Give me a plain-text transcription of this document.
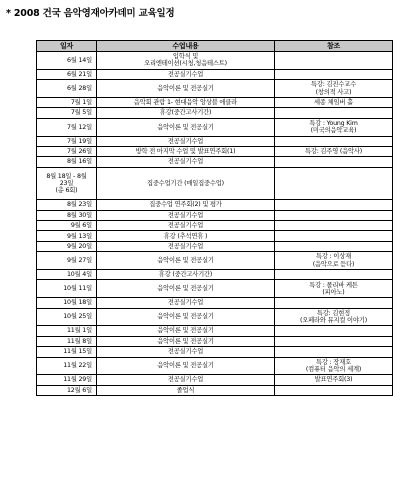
* 2008 건국 음악영재아카데미 교육일정
일자	수업내용	참조

6월 14일	입학식 및
오리엔테이션(시청,청음테스트)	

6월 21일	전공실기수업	

6월 28일	음악이론 및 전공실기	특강: 김진수교수
(창의적 사고)

7월 1일	음악회 관람 1- 현대음악 앙상블 에클라	세종 체임버 홀

7월 5일	휴강(중간고사기간)	

7월 12일	음악이론 및 전공실기	특강 : Young Kim
(미국의음악교육)

7월 19일	전공실기수업	

7월 26일	방학 전 마지막 수업 및 발표연주회(1)	특강: 김주영 (음악사)

8월 16일	전공실기수업	

8월 18일 - 8월
23일
(총 6회)	집중수업기간 (매일집중수업)	

8월 23일	집중수업 연주회(2) 및 평가	

8월 30일	전공실기수업	

9월 6일	전공실기수업	

9월 13일	휴강 (추석연휴 )	

9월 20일	전공실기수업	

9월 27일	음악이론 및 전공실기	특강 : 이상재
(음악으로 듣다)

10월 4일	휴강 (중간고사기간)	

10월 11일	음악이론 및 전공실기	특강 : 폴리바 케튼
(피아노)

10월 18일	전공실기수업	

10월 25일	음악이론 및 전공실기	특강: 김현정
(오페라와 뮤지컬 이야기)

11월 1일	음악이론 및 전공실기	

11월 8일	음악이론 및 전공실기	

11월 15일	전공실기수업	

11월 22일	음악이론 및 전공실기	특강 : 장재호
(컴퓨터 음악의 세계)

11월 29일	전공실기수업	발표연주회(3)

12월 6일	졸업식	
